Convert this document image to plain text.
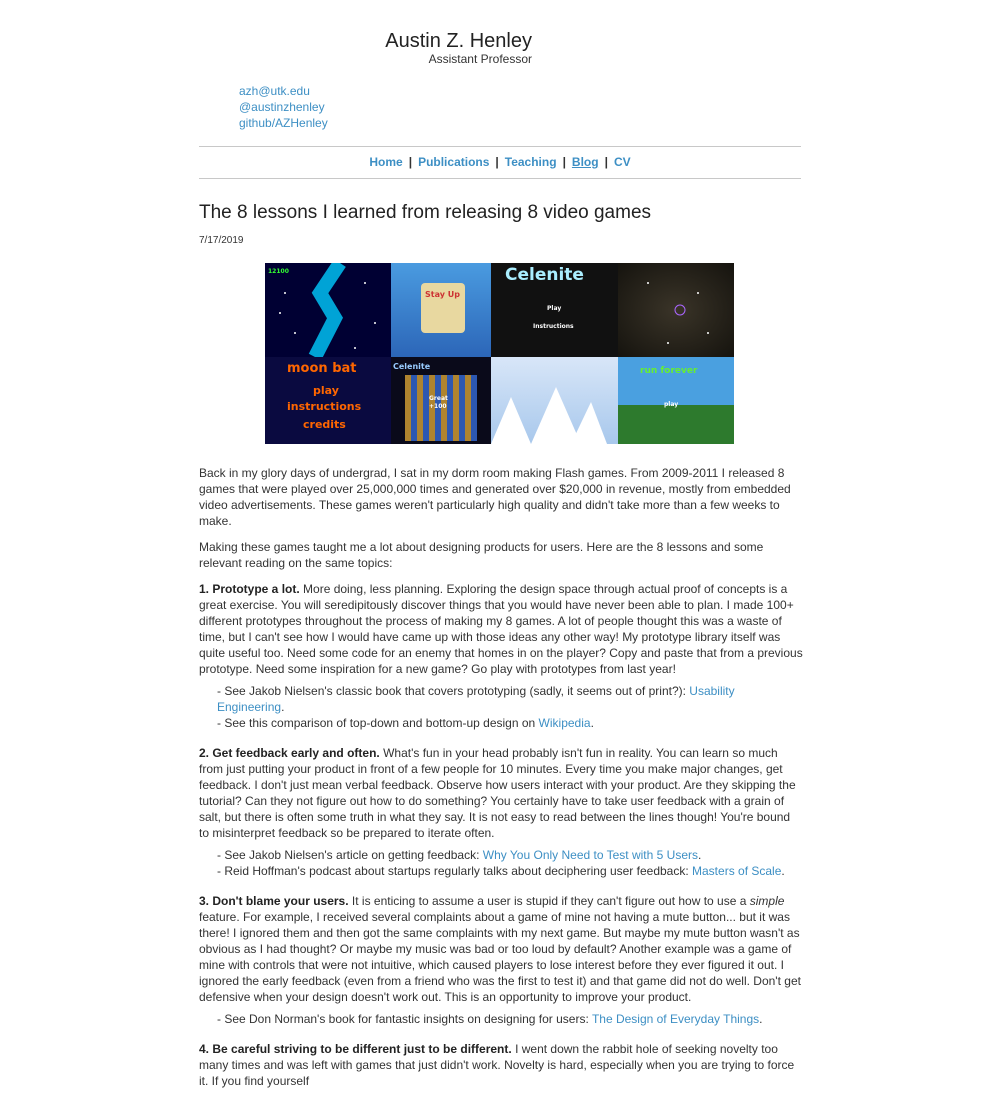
Austin Z. Henley
Assistant Professor
azh@utk.edu
@austinzhenley
github/AZHenley
Home | Publications | Teaching | Blog | CV
The 8 lessons I learned from releasing 8 video games
7/17/2019
12100
Stay Up
Celenite
Play
Instructions
moon bat
play
instructions
credits
Celenite
Great
+100
run forever
play

Back in my glory days of undergrad, I sat in my dorm room making Flash games. From 2009-2011 I released 8 games that were played over 25,000,000 times and generated over $20,000 in revenue, mostly from embedded video advertisements. These games weren't particularly high quality and didn't take more than a few weeks to make.

Making these games taught me a lot about designing products for users. Here are the 8 lessons and some relevant reading on the same topics:

1. Prototype a lot. More doing, less planning. Exploring the design space through actual proof of concepts is a great exercise. You will seredipitously discover things that you would have never been able to plan. I made 100+ different prototypes throughout the process of making my 8 games. A lot of people thought this was a waste of time, but I can't see how I would have came up with those ideas any other way! My prototype library itself was quite useful too. Need some code for an enemy that homes in on the player? Copy and paste that from a previous prototype. Need some inspiration for a new game? Go play with prototypes from last year!

- See Jakob Nielsen's classic book that covers prototyping (sadly, it seems out of print?): Usability Engineering.
- See this comparison of top-down and bottom-up design on Wikipedia.

2. Get feedback early and often. What's fun in your head probably isn't fun in reality. You can learn so much from just putting your product in front of a few people for 10 minutes. Every time you make major changes, get feedback. I don't just mean verbal feedback. Observe how users interact with your product. Are they skipping the tutorial? Can they not figure out how to do something? You certainly have to take user feedback with a grain of salt, but there is often some truth in what they say. It is not easy to read between the lines though! You're bound to misinterpret feedback so be prepared to iterate often.

- See Jakob Nielsen's article on getting feedback: Why You Only Need to Test with 5 Users.
- Reid Hoffman's podcast about startups regularly talks about deciphering user feedback: Masters of Scale.

3. Don't blame your users. It is enticing to assume a user is stupid if they can't figure out how to use a simple feature. For example, I received several complaints about a game of mine not having a mute button... but it was there! I ignored them and then got the same complaints with my next game. But maybe my mute button wasn't as obvious as I had thought? Or maybe my music was bad or too loud by default? Another example was a game of mine with controls that were not intuitive, which caused players to lose interest before they ever figured it out. I ignored the early feedback (even from a friend who was the first to test it) and that game did not do well. Don't get defensive when your design doesn't work out. This is an opportunity to improve your product.

- See Don Norman's book for fantastic insights on designing for users: The Design of Everyday Things.

4. Be careful striving to be different just to be different. I went down the rabbit hole of seeking novelty too many times and was left with games that just didn't work. Novelty is hard, especially when you are trying to force it. If you find yourself
